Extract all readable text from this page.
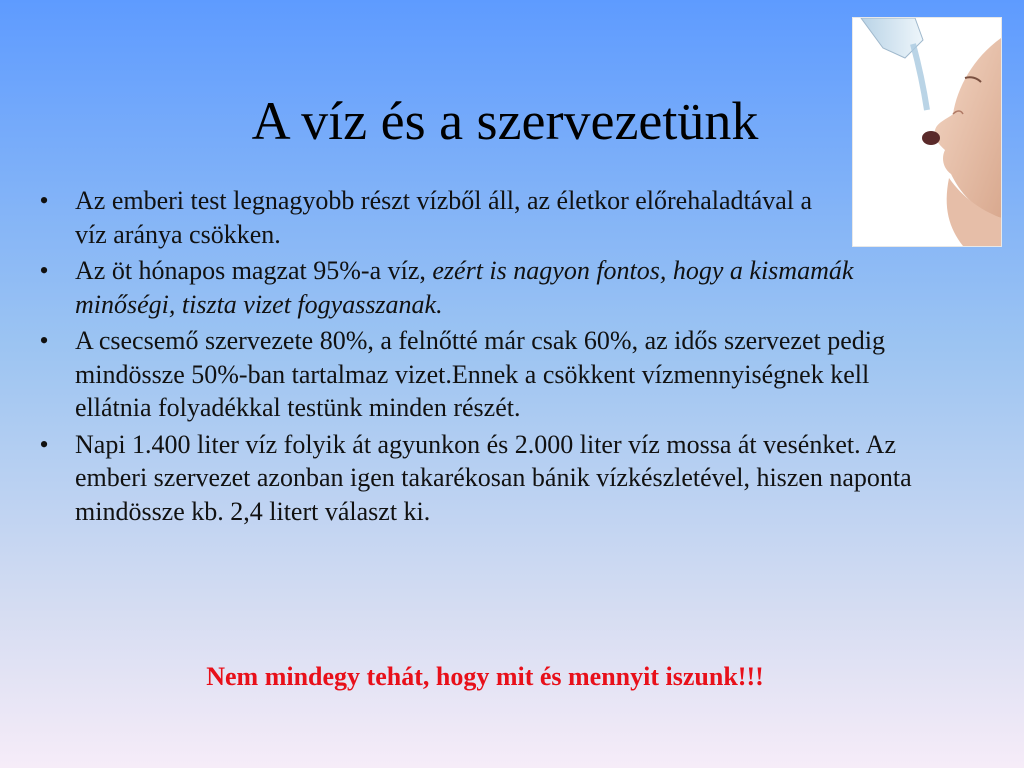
A víz és a szervezetünk
• Az emberi test legnagyobb részt vízből áll, az életkor előrehaladtával a víz aránya csökken.
• Az öt hónapos magzat 95%-a víz, ezért is nagyon fontos, hogy a kismamák minőségi, tiszta vizet fogyasszanak.
• A csecsemő szervezete 80%, a felnőtté már csak 60%, az idős szervezet pedig mindössze 50%-ban tartalmaz vizet.Ennek a csökkent vízmennyiségnek kell ellátnia folyadékkal testünk minden részét.
• Napi 1.400 liter víz folyik át agyunkon és 2.000 liter víz mossa át vesénket. Az emberi szervezet azonban igen takarékosan bánik vízkészletével, hiszen naponta mindössze kb. 2,4 litert választ ki.
Nem mindegy tehát, hogy mit és mennyit iszunk!!!
